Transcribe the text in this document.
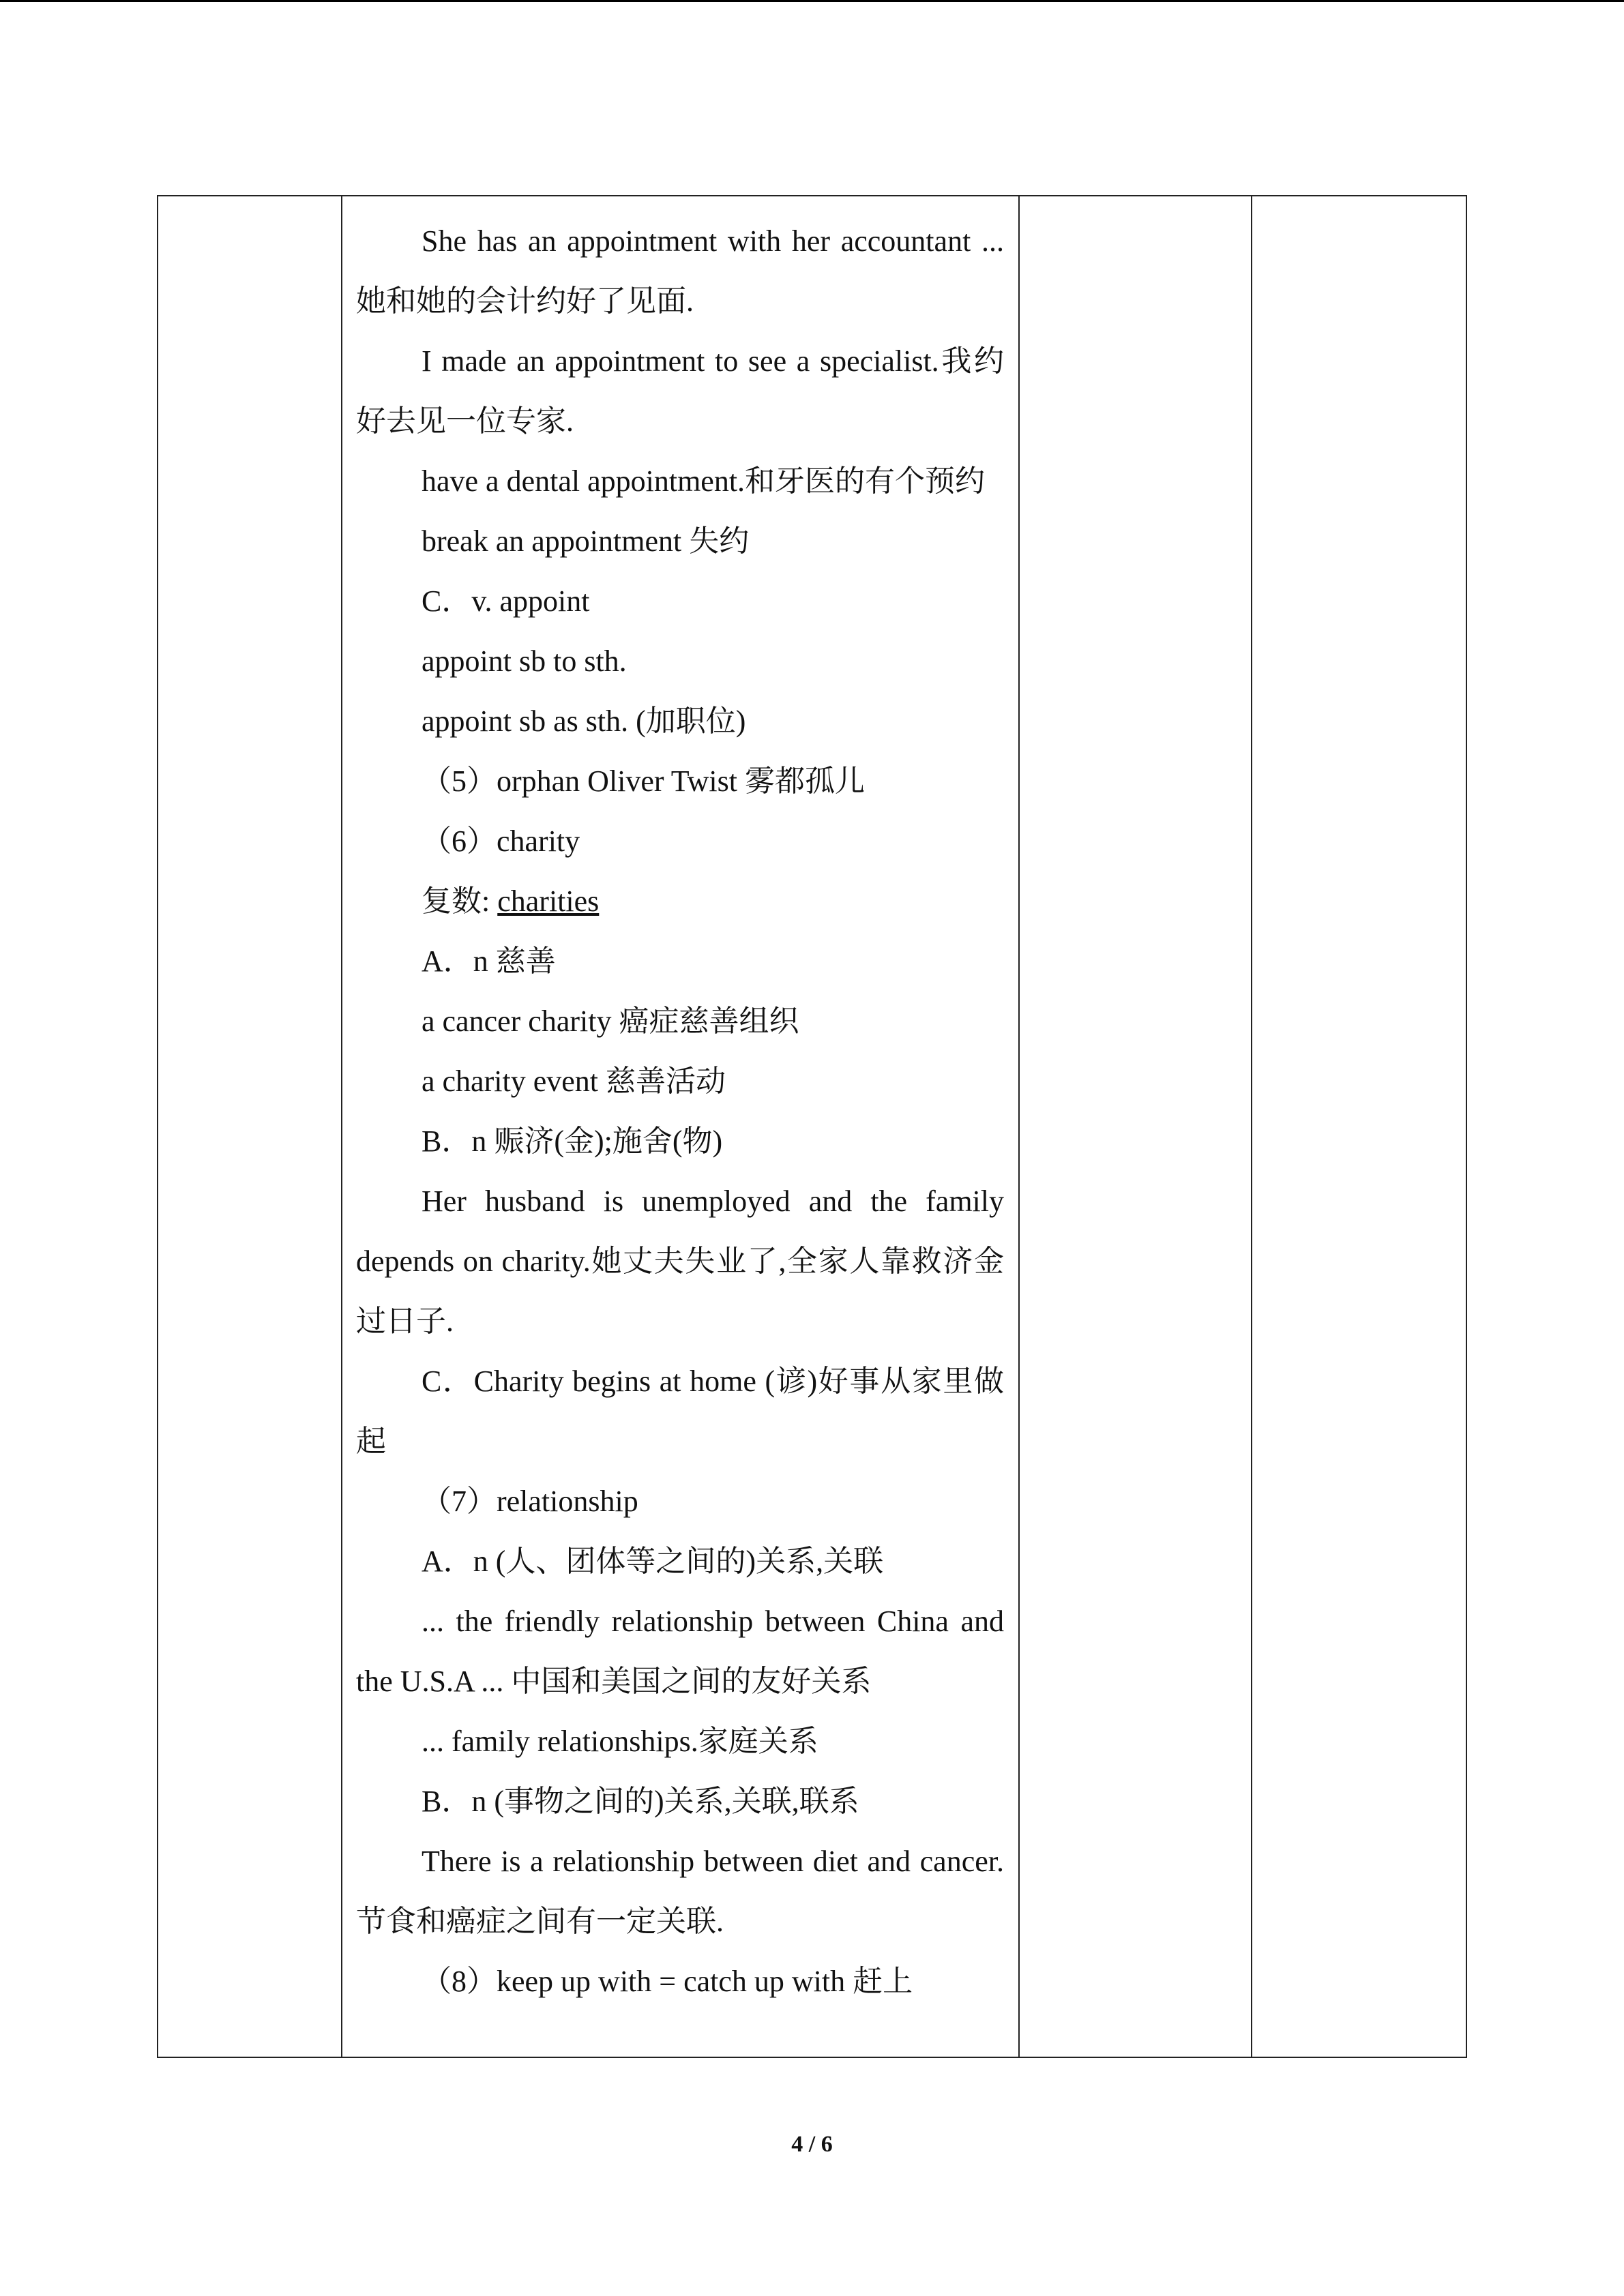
She has an appointment with her accountant ... 她和她的会计约好了见面.

I made an appointment to see a specialist.我约好去见一位专家.

have a dental appointment.和牙医的有个预约

break an appointment 失约

C．v. appoint

appoint sb to sth.

appoint sb as sth. (加职位)

（5）orphan Oliver Twist 雾都孤儿

（6）charity

复数: charities

A．n 慈善

a cancer charity 癌症慈善组织

a charity event 慈善活动

B．n 赈济(金);施舍(物)

Her husband is unemployed and the family depends on charity.她丈夫失业了,全家人靠救济金过日子.

C．Charity begins at home (谚)好事从家里做起

（7）relationship

A．n (人、团体等之间的)关系,关联

... the friendly relationship between China and the U.S.A ... 中国和美国之间的友好关系

... family relationships.家庭关系

B．n (事物之间的)关系,关联,联系

There is a relationship between diet and cancer.节食和癌症之间有一定关联.

（8）keep up with = catch up with 赶上

4 / 6
